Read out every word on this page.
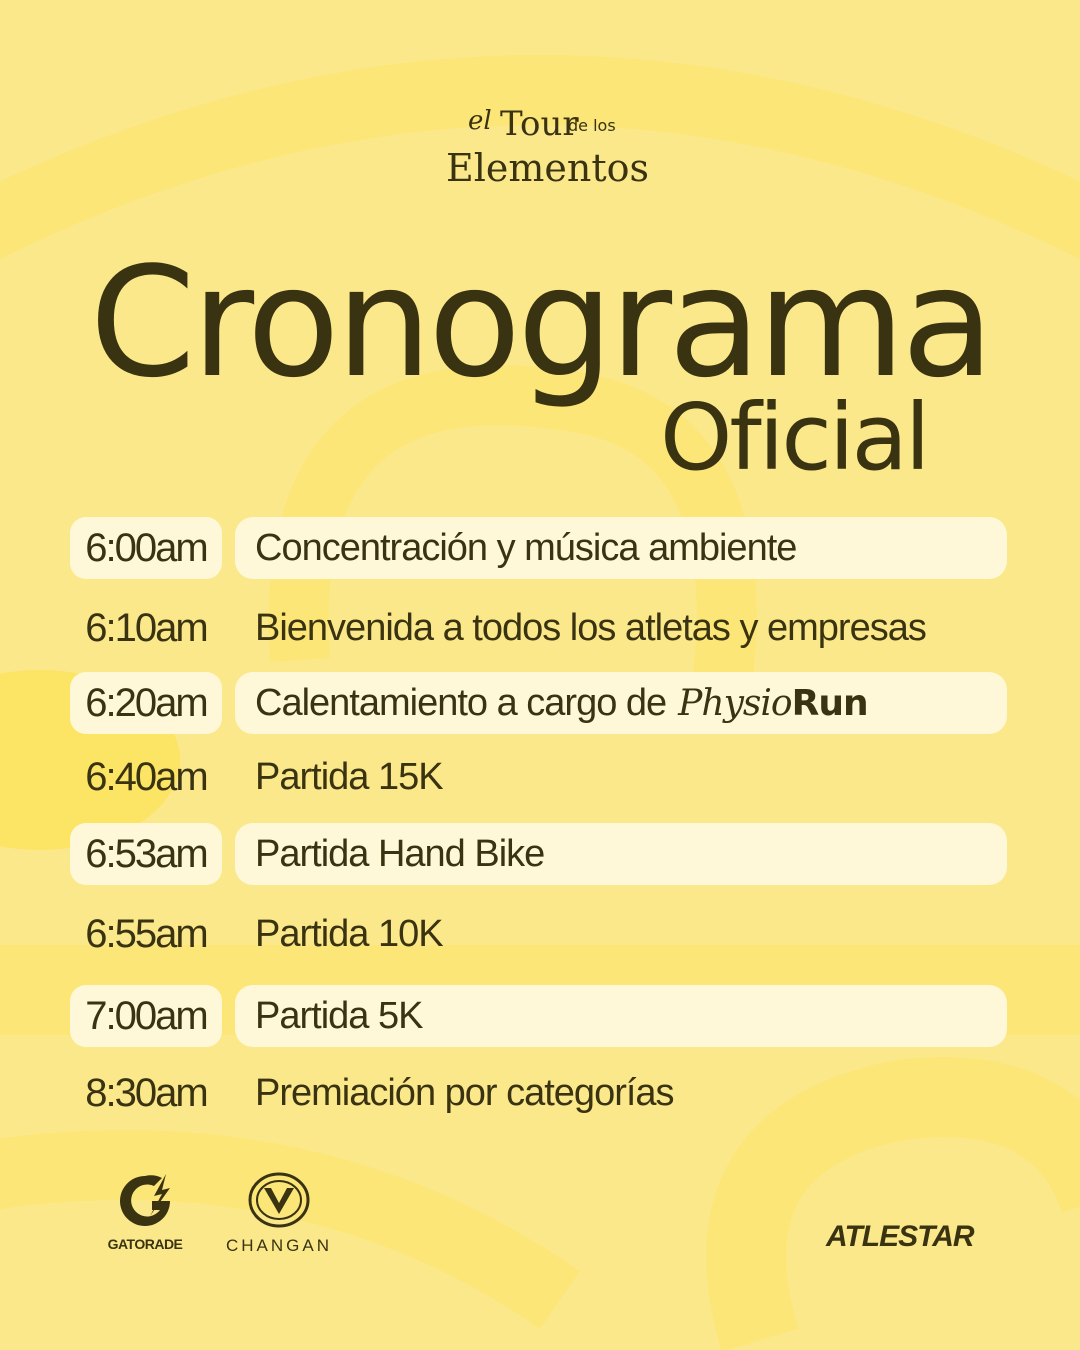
el Tour
de los
Elementos
Cronograma
Oficial
6:00am	Concentración y música ambiente
6:10am	Bienvenida a todos los atletas y empresas
6:20am	Calentamiento a cargo de PhysioRun
6:40am	Partida 15K
6:53am	Partida Hand Bike
6:55am	Partida 10K
7:00am	Partida 5K
8:30am	Premiación por categorías
GATORADE	CHANGAN	ATLESTAR
